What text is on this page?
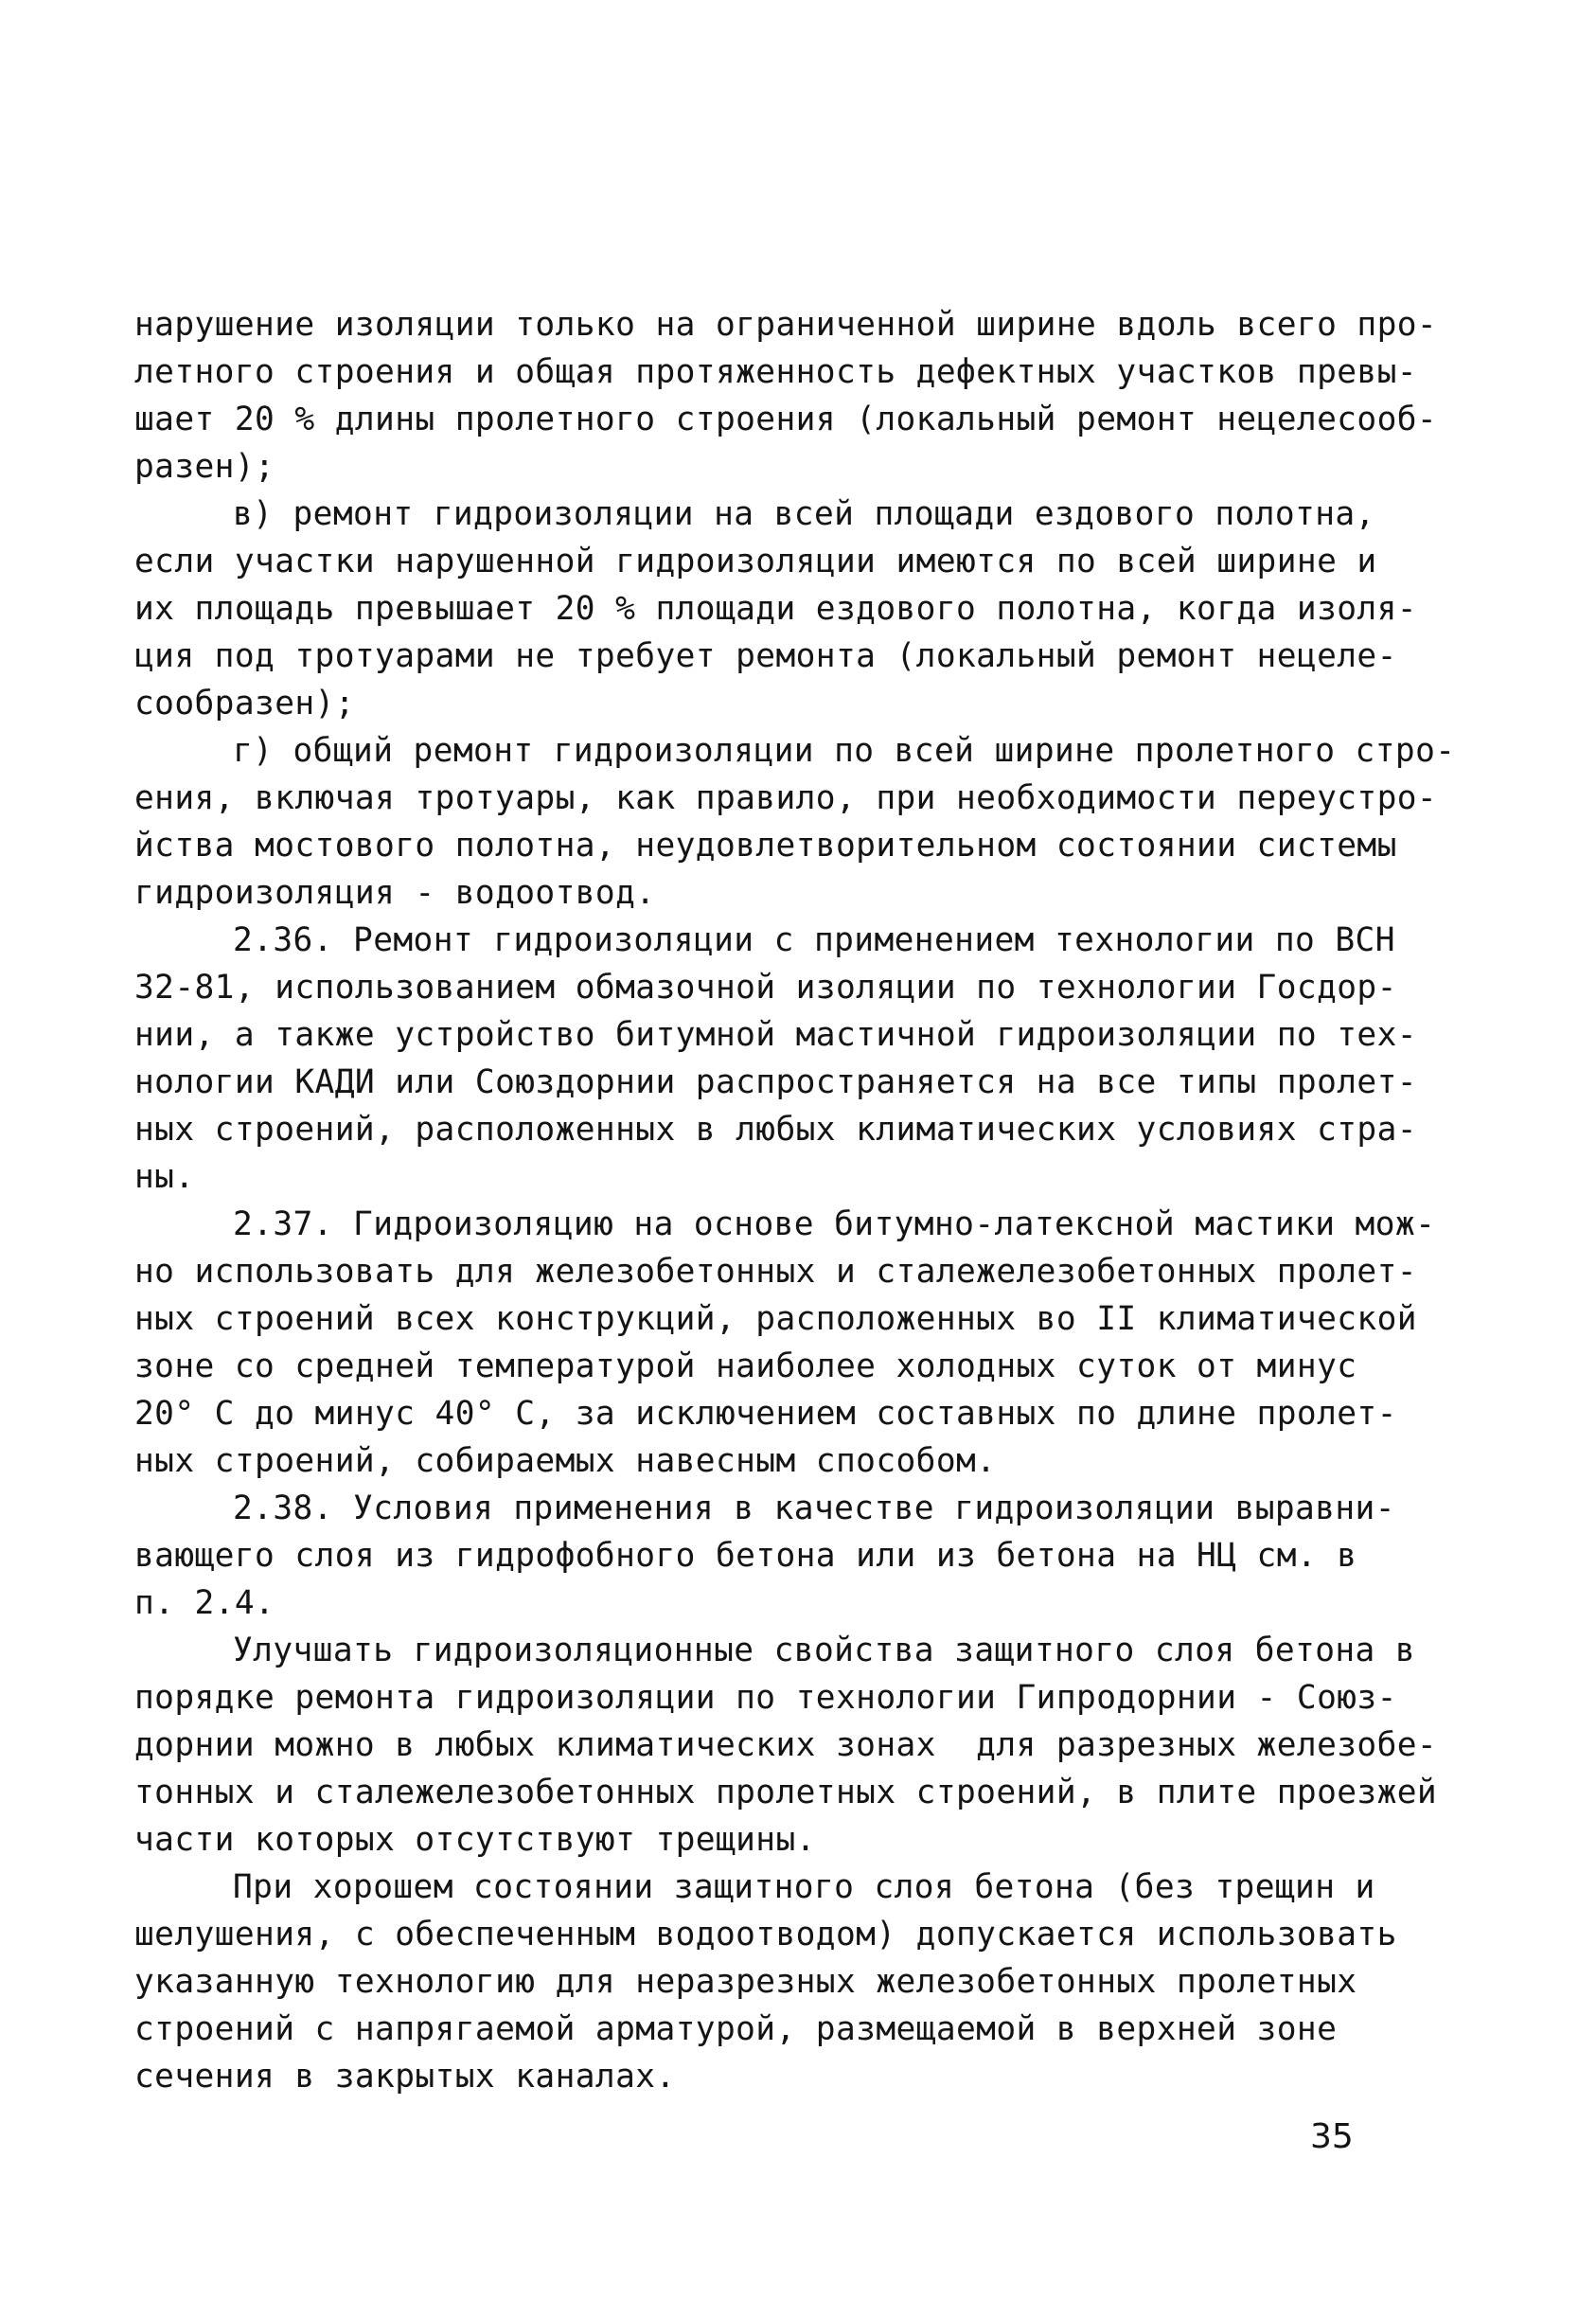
нарушение изоляции только на ограниченной ширине вдоль всего про-
летного строения и общая протяженность дефектных участков превы-
шает 20 % длины пролетного строения (локальный ремонт нецелесооб-
разен);
в) ремонт гидроизоляции на всей площади ездового полотна,
если участки нарушенной гидроизоляции имеются по всей ширине и
их площадь превышает 20 % площади ездового полотна, когда изоля-
ция под тротуарами не требует ремонта (локальный ремонт нецеле-
сообразен);
г) общий ремонт гидроизоляции по всей ширине пролетного стро-
ения, включая тротуары, как правило, при необходимости переустро-
йства мостового полотна, неудовлетворительном состоянии системы
гидроизоляция - водоотвод.
2.36. Ремонт гидроизоляции с применением технологии по ВСН
32-81, использованием обмазочной изоляции по технологии Госдор-
нии, а также устройство битумной мастичной гидроизоляции по тех-
нологии КАДИ или Союздорнии распространяется на все типы пролет-
ных строений, расположенных в любых климатических условиях стра-
ны.
2.37. Гидроизоляцию на основе битумно-латексной мастики мож-
но использовать для железобетонных и сталежелезобетонных пролет-
ных строений всех конструкций, расположенных во II климатической
зоне со средней температурой наиболее холодных суток от минус
20° С до минус 40° С, за исключением составных по длине пролет-
ных строений, собираемых навесным способом.
2.38. Условия применения в качестве гидроизоляции выравни-
вающего слоя из гидрофобного бетона или из бетона на НЦ см. в
п. 2.4.
Улучшать гидроизоляционные свойства защитного слоя бетона в
порядке ремонта гидроизоляции по технологии Гипродорнии - Союз-
дорнии можно в любых климатических зонах  для разрезных железобе-
тонных и сталежелезобетонных пролетных строений, в плите проезжей
части которых отсутствуют трещины.
При хорошем состоянии защитного слоя бетона (без трещин и
шелушения, с обеспеченным водоотводом) допускается использовать
указанную технологию для неразрезных железобетонных пролетных
строений с напрягаемой арматурой, размещаемой в верхней зоне
сечения в закрытых каналах.
35
